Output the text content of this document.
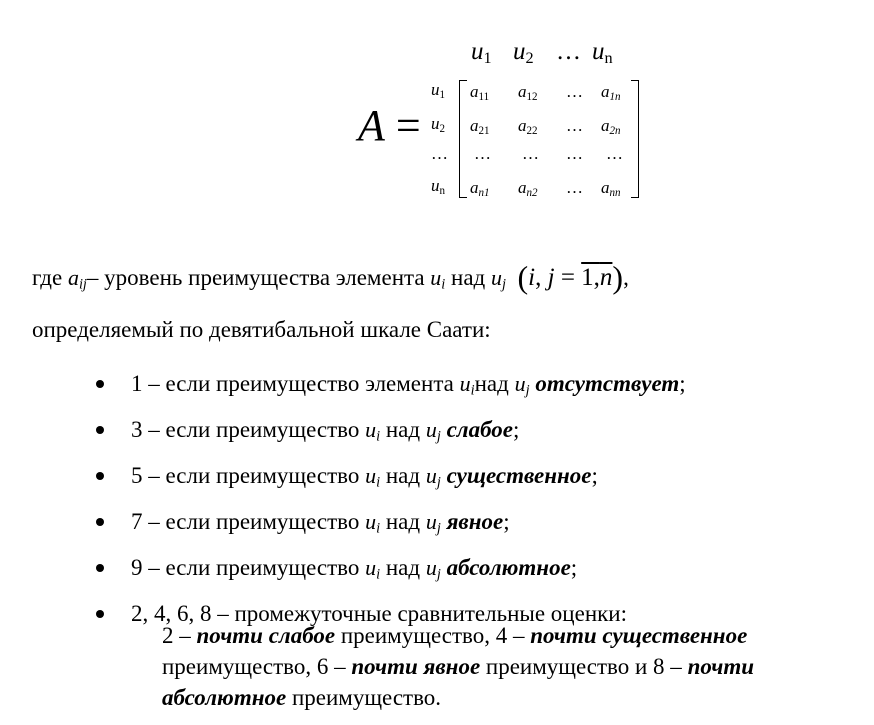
A =
$u_1$ $u_2$ … $u_n$
$u_1$
$u_2$
…
$u_n$
$a_{11}$ $a_{12}$ … $a_{1n}$
$a_{21}$ $a_{22}$ … $a_{2n}$
… … … …
$a_{n1}$ $a_{n2}$ … $a_{nn}$
где $a_{ij}-$ уровень преимущества элемента $u_i$ над $u_j$ (i, j = 1,n),
определяемый по девятибальной шкале Саати:
1 – если преимущество элемента $u_iнад$ $u_j$ отсутствует;
3 – если преимущество $u_i$ над $u_j$ слабое;
5 – если преимущество $u_i$ над $u_j$ существенное;
7 – если преимущество $u_i$ над $u_j$ явное;
9 – если преимущество $u_i$ над $u_j$ абсолютное;
2, 4, 6, 8 – промежуточные сравнительные оценки:
2 – почти слабое преимущество, 4 – почти существенное преимущество, 6 – почти явное преимущество и 8 – почти абсолютное преимущество.
